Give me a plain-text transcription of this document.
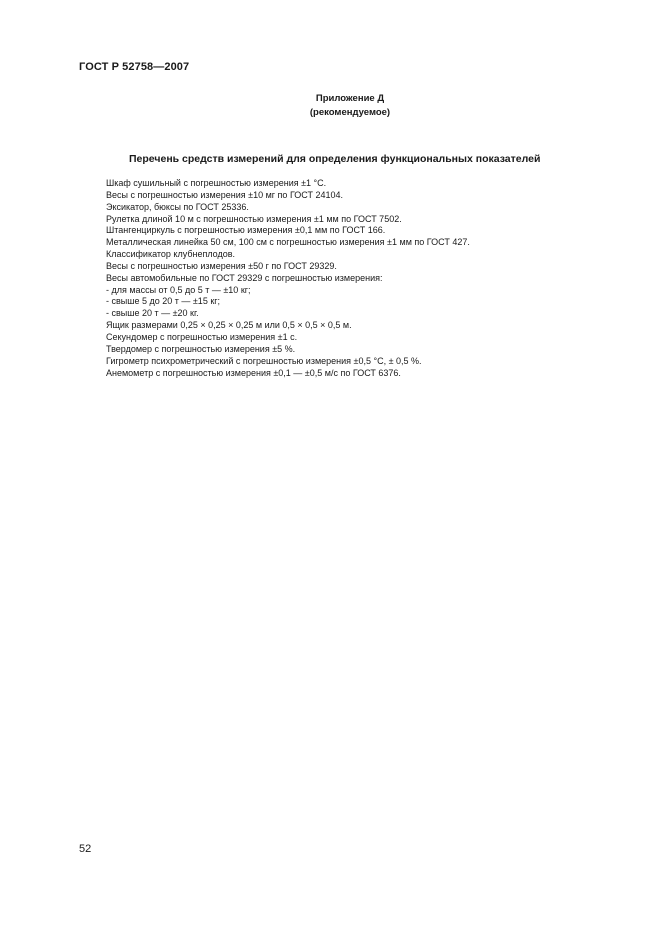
ГОСТ Р 52758—2007
Приложение Д
(рекомендуемое)
Перечень средств измерений для определения функциональных показателей
Шкаф сушильный с погрешностью измерения ±1 °С.
Весы с погрешностью измерения ±10 мг по ГОСТ 24104.
Эксикатор, бюксы по ГОСТ 25336.
Рулетка длиной 10 м с погрешностью измерения ±1 мм по ГОСТ 7502.
Штангенциркуль с погрешностью измерения ±0,1 мм по ГОСТ 166.
Металлическая линейка 50 см, 100 см с погрешностью измерения ±1 мм по ГОСТ 427.
Классификатор клубнеплодов.
Весы с погрешностью измерения ±50 г по ГОСТ 29329.
Весы автомобильные по ГОСТ 29329 с погрешностью измерения:
- для массы от 0,5 до 5 т — ±10 кг;
- свыше 5 до 20 т — ±15 кг;
- свыше 20 т — ±20 кг.
Ящик размерами 0,25 × 0,25 × 0,25 м или 0,5 × 0,5 × 0,5 м.
Секундомер с погрешностью измерения ±1 с.
Твердомер с погрешностью измерения ±5 %.
Гигрометр психрометрический с погрешностью измерения ±0,5 °С, ± 0,5 %.
Анемометр с погрешностью измерения ±0,1 — ±0,5 м/с по ГОСТ 6376.
52
